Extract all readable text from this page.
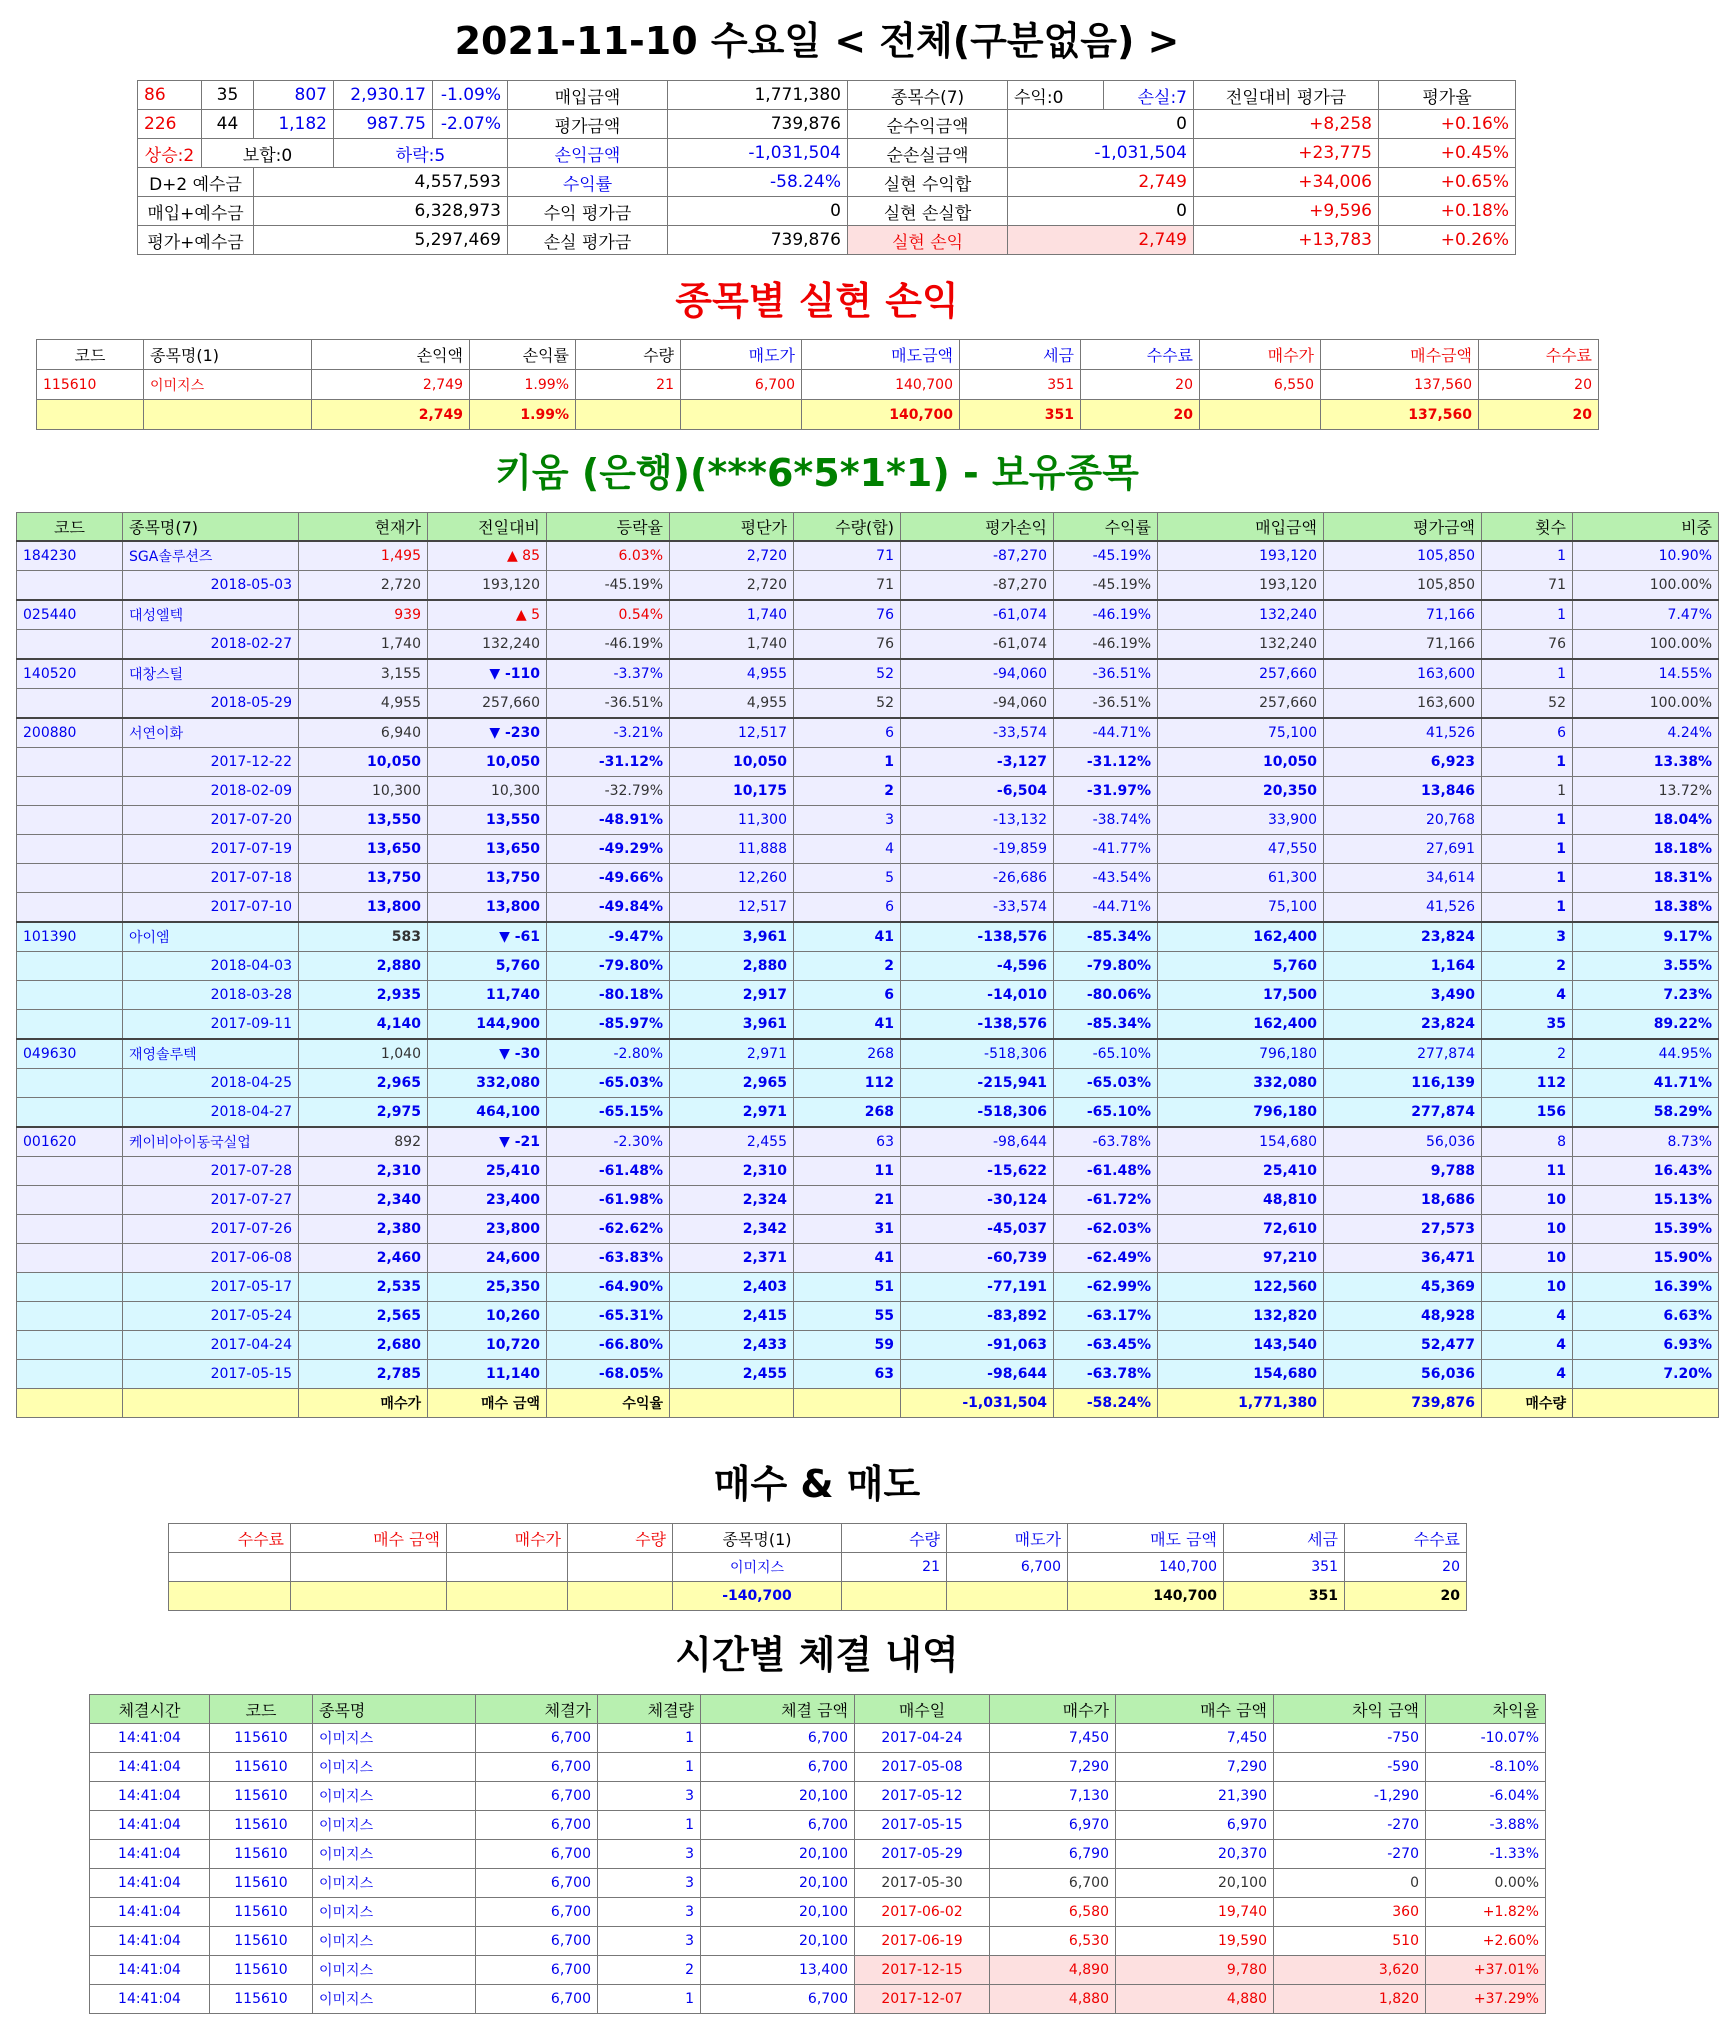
2021-11-10 수요일 < 전체(구분없음) >
86	35	807	2,930.17	-1.09%	매입금액	1,771,380	종목수(7)	수익:0	손실:7	전일대비 평가금	평가율
226	44	1,182	987.75	-2.07%	평가금액	739,876	순수익금액	0		+8,258	+0.16%
상승:2	보합:0		하락:5		손익금액	-1,031,504	순손실금액	-1,031,504		+23,775	+0.45%
D+2 예수금		4,557,593			수익률	-58.24%	실현 수익합	2,749		+34,006	+0.65%
매입+예수금		6,328,973			수익 평가금	0	실현 손실합	0		+9,596	+0.18%
평가+예수금		5,297,469			손실 평가금	739,876	실현 손익	2,749		+13,783	+0.26%
종목별 실현 손익
코드	종목명(1)	손익액	손익률	수량	매도가	매도금액	세금	수수료	매수가	매수금액	수수료
115610	이미지스	2,749	1.99%	21	6,700	140,700	351	20	6,550	137,560	20
		2,749	1.99%			140,700	351	20		137,560	20
키움 (은행)(***6*5*1*1) - 보유종목
코드	종목명(7)	현재가	전일대비	등락율	평단가	수량(합)	평가손익	수익률	매입금액	평가금액	횟수	비중
184230	SGA솔루션즈	1,495	▲ 85	6.03%	2,720	71	-87,270	-45.19%	193,120	105,850	1	10.90%
	2018-05-03	2,720	193,120	-45.19%	2,720	71	-87,270	-45.19%	193,120	105,850	71	100.00%
025440	대성엘텍	939	▲ 5	0.54%	1,740	76	-61,074	-46.19%	132,240	71,166	1	7.47%
	2018-02-27	1,740	132,240	-46.19%	1,740	76	-61,074	-46.19%	132,240	71,166	76	100.00%
140520	대창스틸	3,155	▼ -110	-3.37%	4,955	52	-94,060	-36.51%	257,660	163,600	1	14.55%
	2018-05-29	4,955	257,660	-36.51%	4,955	52	-94,060	-36.51%	257,660	163,600	52	100.00%
200880	서연이화	6,940	▼ -230	-3.21%	12,517	6	-33,574	-44.71%	75,100	41,526	6	4.24%
	2017-12-22	10,050	10,050	-31.12%	10,050	1	-3,127	-31.12%	10,050	6,923	1	13.38%
	2018-02-09	10,300	10,300	-32.79%	10,175	2	-6,504	-31.97%	20,350	13,846	1	13.72%
	2017-07-20	13,550	13,550	-48.91%	11,300	3	-13,132	-38.74%	33,900	20,768	1	18.04%
	2017-07-19	13,650	13,650	-49.29%	11,888	4	-19,859	-41.77%	47,550	27,691	1	18.18%
	2017-07-18	13,750	13,750	-49.66%	12,260	5	-26,686	-43.54%	61,300	34,614	1	18.31%
	2017-07-10	13,800	13,800	-49.84%	12,517	6	-33,574	-44.71%	75,100	41,526	1	18.38%
101390	아이엠	583	▼ -61	-9.47%	3,961	41	-138,576	-85.34%	162,400	23,824	3	9.17%
	2018-04-03	2,880	5,760	-79.80%	2,880	2	-4,596	-79.80%	5,760	1,164	2	3.55%
	2018-03-28	2,935	11,740	-80.18%	2,917	6	-14,010	-80.06%	17,500	3,490	4	7.23%
	2017-09-11	4,140	144,900	-85.97%	3,961	41	-138,576	-85.34%	162,400	23,824	35	89.22%
049630	재영솔루텍	1,040	▼ -30	-2.80%	2,971	268	-518,306	-65.10%	796,180	277,874	2	44.95%
	2018-04-25	2,965	332,080	-65.03%	2,965	112	-215,941	-65.03%	332,080	116,139	112	41.71%
	2018-04-27	2,975	464,100	-65.15%	2,971	268	-518,306	-65.10%	796,180	277,874	156	58.29%
001620	케이비아이동국실업	892	▼ -21	-2.30%	2,455	63	-98,644	-63.78%	154,680	56,036	8	8.73%
	2017-07-28	2,310	25,410	-61.48%	2,310	11	-15,622	-61.48%	25,410	9,788	11	16.43%
	2017-07-27	2,340	23,400	-61.98%	2,324	21	-30,124	-61.72%	48,810	18,686	10	15.13%
	2017-07-26	2,380	23,800	-62.62%	2,342	31	-45,037	-62.03%	72,610	27,573	10	15.39%
	2017-06-08	2,460	24,600	-63.83%	2,371	41	-60,739	-62.49%	97,210	36,471	10	15.90%
	2017-05-17	2,535	25,350	-64.90%	2,403	51	-77,191	-62.99%	122,560	45,369	10	16.39%
	2017-05-24	2,565	10,260	-65.31%	2,415	55	-83,892	-63.17%	132,820	48,928	4	6.63%
	2017-04-24	2,680	10,720	-66.80%	2,433	59	-91,063	-63.45%	143,540	52,477	4	6.93%
	2017-05-15	2,785	11,140	-68.05%	2,455	63	-98,644	-63.78%	154,680	56,036	4	7.20%
		매수가	매수 금액	수익율			-1,031,504	-58.24%	1,771,380	739,876	매수량	
매수 & 매도
수수료	매수 금액	매수가	수량	종목명(1)	수량	매도가	매도 금액	세금	수수료
				이미지스	21	6,700	140,700	351	20
				-140,700			140,700	351	20
시간별 체결 내역
체결시간	코드	종목명	체결가	체결량	체결 금액	매수일	매수가	매수 금액	차익 금액	차익율
14:41:04	115610	이미지스	6,700	1	6,700	2017-04-24	7,450	7,450	-750	-10.07%
14:41:04	115610	이미지스	6,700	1	6,700	2017-05-08	7,290	7,290	-590	-8.10%
14:41:04	115610	이미지스	6,700	3	20,100	2017-05-12	7,130	21,390	-1,290	-6.04%
14:41:04	115610	이미지스	6,700	1	6,700	2017-05-15	6,970	6,970	-270	-3.88%
14:41:04	115610	이미지스	6,700	3	20,100	2017-05-29	6,790	20,370	-270	-1.33%
14:41:04	115610	이미지스	6,700	3	20,100	2017-05-30	6,700	20,100	0	0.00%
14:41:04	115610	이미지스	6,700	3	20,100	2017-06-02	6,580	19,740	360	+1.82%
14:41:04	115610	이미지스	6,700	3	20,100	2017-06-19	6,530	19,590	510	+2.60%
14:41:04	115610	이미지스	6,700	2	13,400	2017-12-15	4,890	9,780	3,620	+37.01%
14:41:04	115610	이미지스	6,700	1	6,700	2017-12-07	4,880	4,880	1,820	+37.29%
